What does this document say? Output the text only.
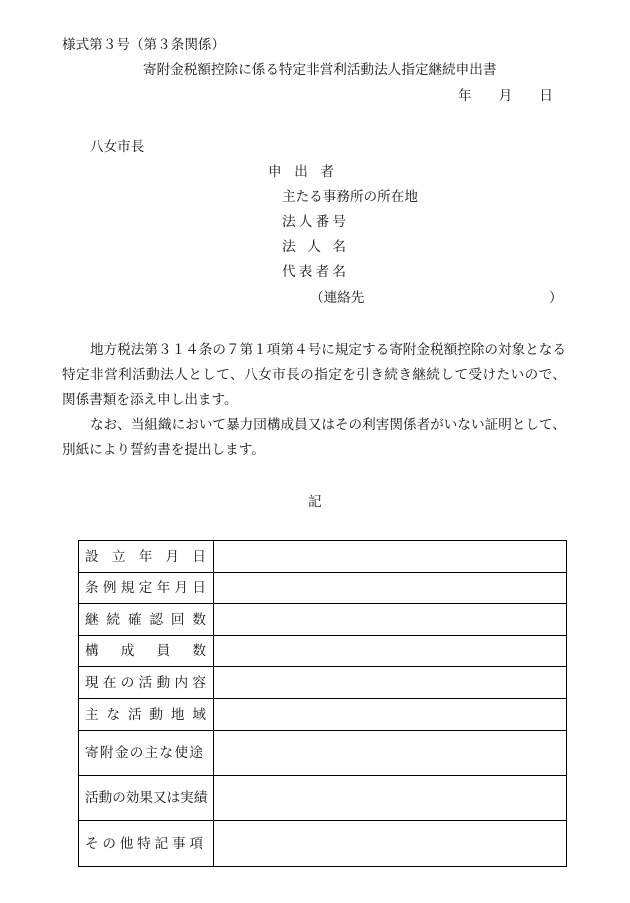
様式第３号（第３条関係）
寄附金税額控除に係る特定非営利活動法人指定継続申出書
年 月 日
八女市長
申 出 者
主たる事務所の所在地
法 人 番 号
法 人 名
代 表 者 名
（連絡先	）
地方税法第３１４条の７第１項第４号に規定する寄附金税額控除の対象となる
特定非営利活動法人として、八女市長の指定を引き続き継続して受けたいので、
関係書類を添え申し出ます。
なお、当組織において暴力団構成員又はその利害関係者がいない証明として、
別紙により誓約書を提出します。
記
設 立 年 月 日
条 例 規 定 年 月 日
継 続 確 認 回 数
構 成 員 数
現 在 の 活 動 内 容
主 な 活 動 地 域
寄 附 金 の 主 な 使 途
活 動 の 効 果 又 は 実 績
そ の 他 特 記 事 項
